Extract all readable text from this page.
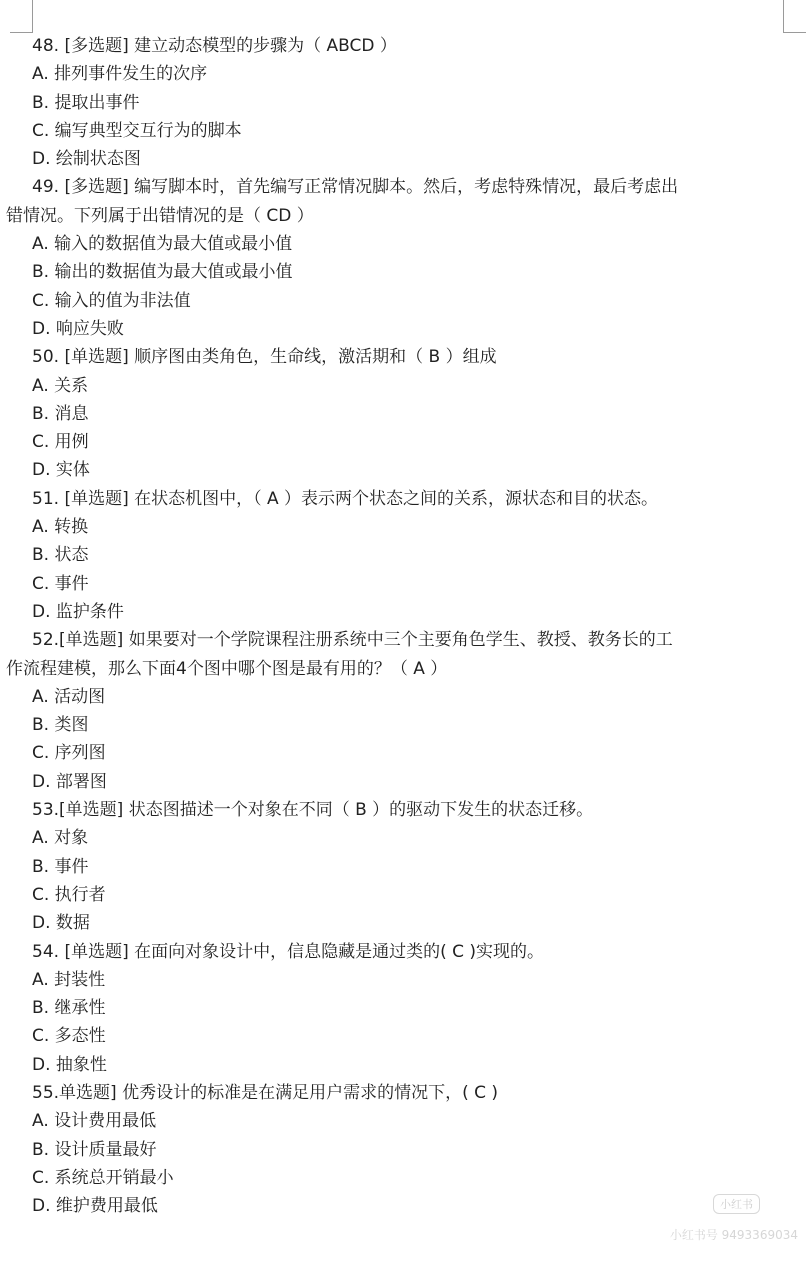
48. [多选题] 建立动态模型的步骤为（ ABCD ）
A. 排列事件发生的次序
B. 提取出事件
C. 编写典型交互行为的脚本
D. 绘制状态图
49. [多选题] 编写脚本时，首先编写正常情况脚本。然后，考虑特殊情况，最后考虑出
错情况。下列属于出错情况的是（ CD ）
A. 输入的数据值为最大值或最小值
B. 输出的数据值为最大值或最小值
C. 输入的值为非法值
D. 响应失败
50. [单选题] 顺序图由类角色，生命线，激活期和（ B ）组成
A. 关系
B. 消息
C. 用例
D. 实体
51. [单选题] 在状态机图中，（ A ）表示两个状态之间的关系，源状态和目的状态。
A. 转换
B. 状态
C. 事件
D. 监护条件
52.[单选题] 如果要对一个学院课程注册系统中三个主要角色学生、教授、教务长的工
作流程建模，那么下面4个图中哪个图是最有用的？（ A ）
A. 活动图
B. 类图
C. 序列图
D. 部署图
53.[单选题] 状态图描述一个对象在不同（ B ）的驱动下发生的状态迁移。
A. 对象
B. 事件
C. 执行者
D. 数据
54. [单选题] 在面向对象设计中，信息隐藏是通过类的( C )实现的。
A. 封装性
B. 继承性
C. 多态性
D. 抽象性
55.单选题] 优秀设计的标准是在满足用户需求的情况下，( C )
A. 设计费用最低
B. 设计质量最好
C. 系统总开销最小
D. 维护费用最低	小红书
小红书号 9493369034
